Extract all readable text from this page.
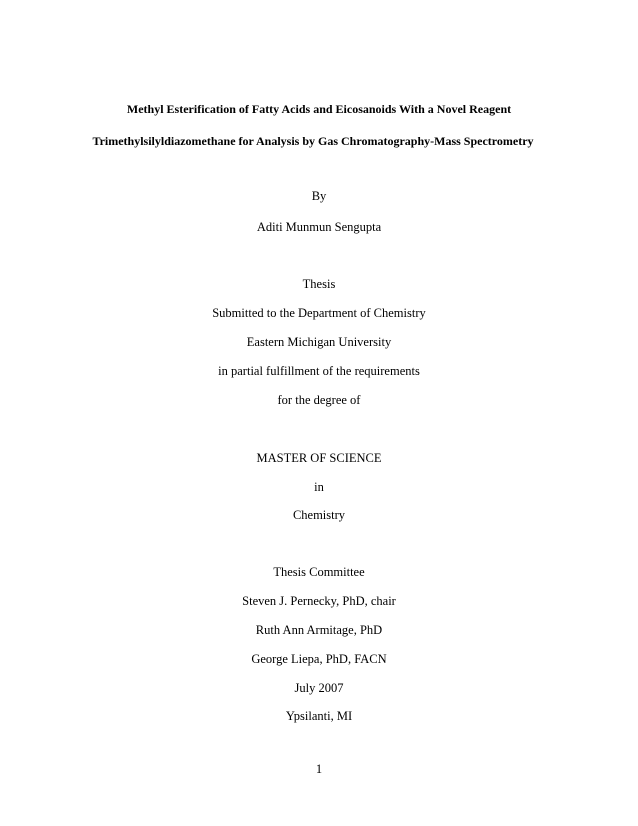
Methyl Esterification of Fatty Acids and Eicosanoids With a Novel Reagent
Trimethylsilyldiazomethane for Analysis by Gas Chromatography-Mass Spectrometry
By
Aditi Munmun Sengupta
Thesis
Submitted to the Department of Chemistry
Eastern Michigan University
in partial fulfillment of the requirements
for the degree of
MASTER OF SCIENCE
in
Chemistry
Thesis Committee
Steven J. Pernecky, PhD, chair
Ruth Ann Armitage, PhD
George Liepa, PhD, FACN
July 2007
Ypsilanti, MI
1
